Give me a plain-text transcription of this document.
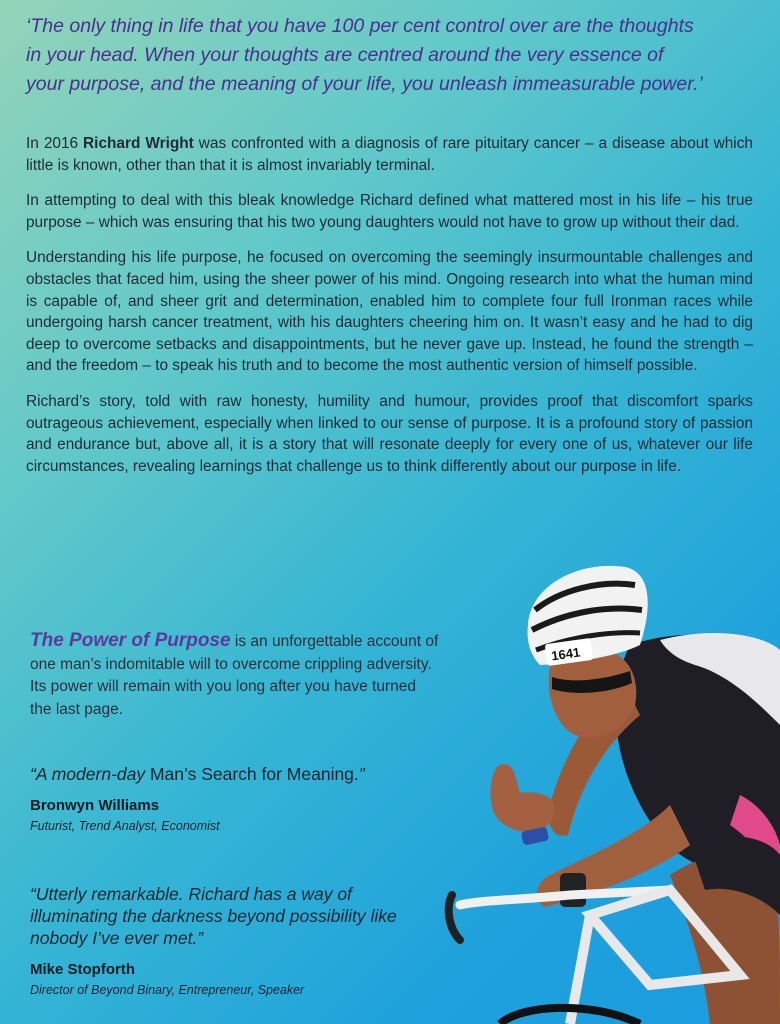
‘The only thing in life that you have 100 per cent control over are the thoughts
in your head. When your thoughts are centred around the very essence of
your purpose, and the meaning of your life, you unleash immeasurable power.’

In 2016 Richard Wright was confronted with a diagnosis of rare pituitary cancer – a disease about which little is known, other than that it is almost invariably terminal.

In attempting to deal with this bleak knowledge Richard defined what mattered most in his life – his true purpose – which was ensuring that his two young daughters would not have to grow up without their dad.

Understanding his life purpose, he focused on overcoming the seemingly insurmountable challenges and obstacles that faced him, using the sheer power of his mind. Ongoing research into what the human mind is capable of, and sheer grit and determination, enabled him to complete four full Ironman races while undergoing harsh cancer treatment, with his daughters cheering him on. It wasn’t easy and he had to dig deep to overcome setbacks and disappointments, but he never gave up. Instead, he found the strength – and the freedom – to speak his truth and to become the most authentic version of himself possible.

Richard’s story, told with raw honesty, humility and humour, provides proof that discomfort sparks outrageous achievement, especially when linked to our sense of purpose. It is a profound story of passion and endurance but, above all, it is a story that will resonate deeply for every one of us, whatever our life circumstances, revealing learnings that challenge us to think differently about our purpose in life.

The Power of Purpose is an unforgettable account of one man’s indomitable will to overcome crippling adversity. Its power will remain with you long after you have turned the last page.
“A modern-day Man’s Search for Meaning.”
Bronwyn Williams
Futurist, Trend Analyst, Economist
“Utterly remarkable. Richard has a way of illuminating the darkness beyond possibility like nobody I’ve ever met.”
Mike Stopforth
Director of Beyond Binary, Entrepreneur, Speaker
1641
